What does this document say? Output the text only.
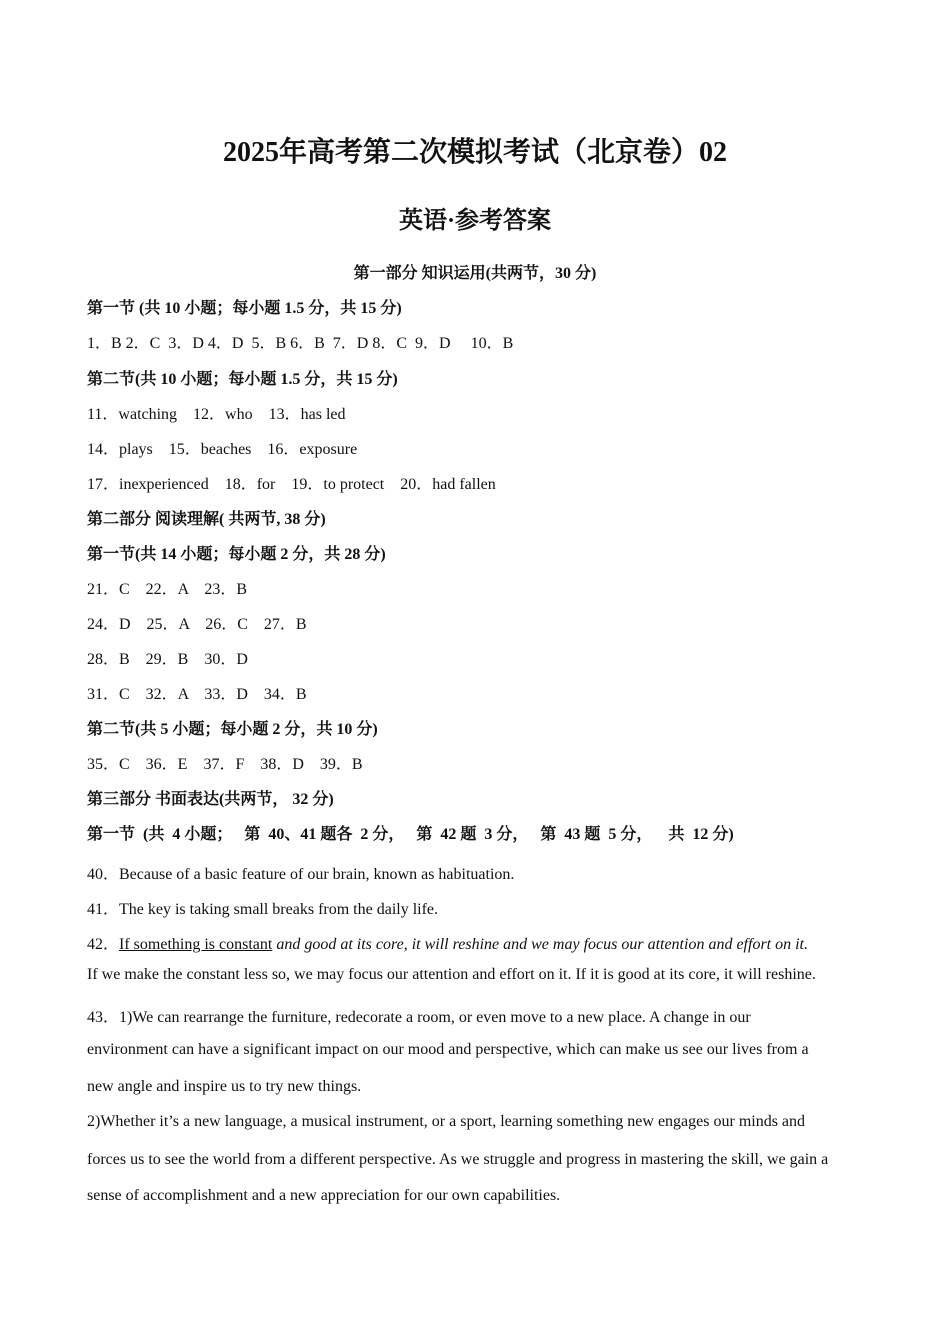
2025年高考第二次模拟考试（北京卷）02
英语·参考答案
第一部分 知识运用(共两节，30 分)
第一节 (共 10 小题；每小题 1.5 分，共 15 分)
1．B 2．C  3．D 4．D  5．B 6．B  7．D 8．C  9．D     10．B
第二节(共 10 小题；每小题 1.5 分，共 15 分)
11．watching    12．who    13．has led
14．plays    15．beaches    16．exposure
17．inexperienced    18．for    19．to protect    20．had fallen
第二部分 阅读理解( 共两节, 38 分)
第一节(共 14 小题；每小题 2 分，共 28 分)
21．C    22．A    23．B
24．D    25．A    26．C    27．B
28．B    29．B    30．D
31．C    32．A    33．D    34．B
第二节(共 5 小题；每小题 2 分，共 10 分)
35．C    36．E    37．F    38．D    39．B
第三部分 书面表达(共两节， 32 分)
第一节  (共  4 小题；   第  40、41 题各  2 分，   第  42 题  3 分，   第  43 题  5 分，    共  12 分)
40．Because of a basic feature of our brain, known as habituation.
41．The key is taking small breaks from the daily life.
42．If something is constant and good at its core, it will reshine and we may focus our attention and effort on it.
If we make the constant less so, we may focus our attention and effort on it. If it is good at its core, it will reshine.
43．1)We can rearrange the furniture, redecorate a room, or even move to a new place. A change in our
environment can have a significant impact on our mood and perspective, which can make us see our lives from a
new angle and inspire us to try new things.
2)Whether it’s a new language, a musical instrument, or a sport, learning something new engages our minds and
forces us to see the world from a different perspective. As we struggle and progress in mastering the skill, we gain a
sense of accomplishment and a new appreciation for our own capabilities.
